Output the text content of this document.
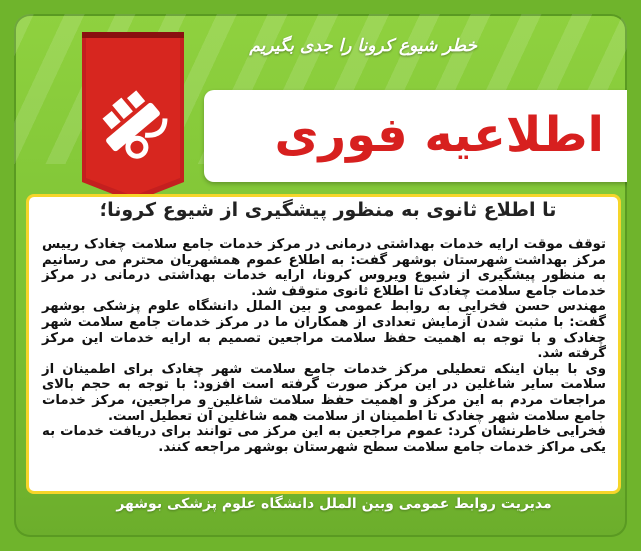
خطر شیوع کرونا را جدی بگیریم
اطلاعیه فوری
تا اطلاع ثانوی به منظور پیشگیری از شیوع کرونا؛

توقف موقت ارایه خدمات بهداشتی درمانی در مرکز خدمات جامع سلامت چغادک رییس مرکز بهداشت شهرستان بوشهر گفت: به اطلاع عموم همشهریان محترم می رسانیم به منظور پیشگیری از شیوع ویروس کرونا، ارایه خدمات بهداشتی درمانی در مرکز خدمات جامع سلامت چغادک تا اطلاع ثانوی متوقف شد.

مهندس حسن فخرایی به روابط عمومی و بین الملل دانشگاه علوم پزشکی بوشهر گفت: با مثبت شدن آزمایش تعدادی از همکاران ما در مرکز خدمات جامع سلامت شهر چغادک و با توجه به اهمیت حفظ سلامت مراجعین تصمیم به ارایه خدمات این مرکز گرفته شد.

وی با بیان اینکه تعطیلی مرکز خدمات جامع سلامت شهر چغادک برای اطمینان از سلامت سایر شاغلین در این مرکز صورت گرفته است افزود: با توجه به حجم بالای مراجعات مردم به این مرکز و اهمیت حفظ سلامت شاغلین و مراجعین، مرکز خدمات جامع سلامت شهر چغادک تا اطمینان از سلامت همه شاغلین آن تعطیل است.

فخرایی خاطرنشان کرد: عموم مراجعین به این مرکز می توانند برای دریافت خدمات به یکی مراکز خدمات جامع سلامت سطح شهرستان بوشهر مراجعه کنند.

مدیریت روابط عمومی وبین الملل دانشگاه علوم پزشکی بوشهر
